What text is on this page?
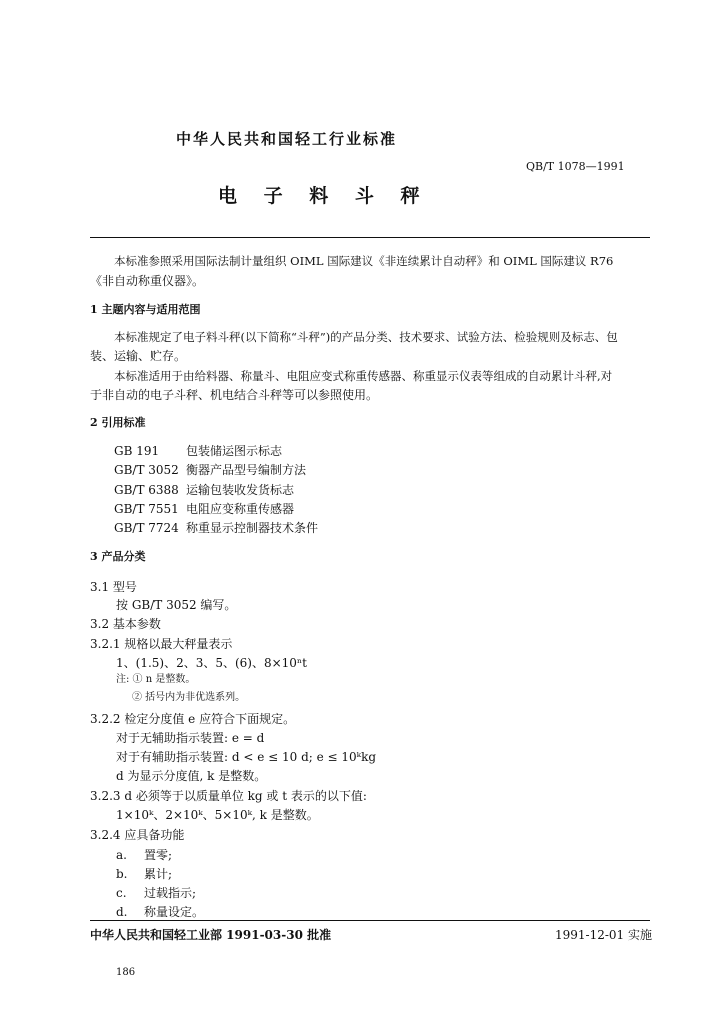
中华人民共和国轻工行业标准
QB/T 1078—1991
电 子 料 斗 秤
本标准参照采用国际法制计量组织 OIML 国际建议《非连续累计自动秤》和 OIML 国际建议 R76
《非自动称重仪器》。
1 主题内容与适用范围
本标准规定了电子料斗秤(以下简称“斗秤”)的产品分类、技术要求、试验方法、检验规则及标志、包
装、运输、贮存。
本标准适用于由给料器、称量斗、电阻应变式称重传感器、称重显示仪表等组成的自动累计斗秤,对
于非自动的电子斗秤、机电结合斗秤等可以参照使用。
2 引用标准
GB 191 包装储运图示标志
GB/T 3052 衡器产品型号编制方法
GB/T 6388 运输包装收发货标志
GB/T 7551 电阻应变称重传感器
GB/T 7724 称重显示控制器技术条件
3 产品分类
3.1 型号
按 GB/T 3052 编写。
3.2 基本参数
3.2.1 规格以最大秤量表示
1、(1.5)、2、3、5、(6)、8×10ⁿt
注: ① n 是整数。
② 括号内为非优选系列。
3.2.2 检定分度值 e 应符合下面规定。
对于无辅助指示装置: e = d
对于有辅助指示装置: d < e ≤ 10 d; e ≤ 10ᵏkg
d 为显示分度值, k 是整数。
3.2.3 d 必须等于以质量单位 kg 或 t 表示的以下值:
1×10ᵏ、2×10ᵏ、5×10ᵏ, k 是整数。
3.2.4 应具备功能
a. 置零;
b. 累计;
c. 过载指示;
d. 称量设定。
中华人民共和国轻工业部 1991-03-30 批准	1991-12-01 实施
186
